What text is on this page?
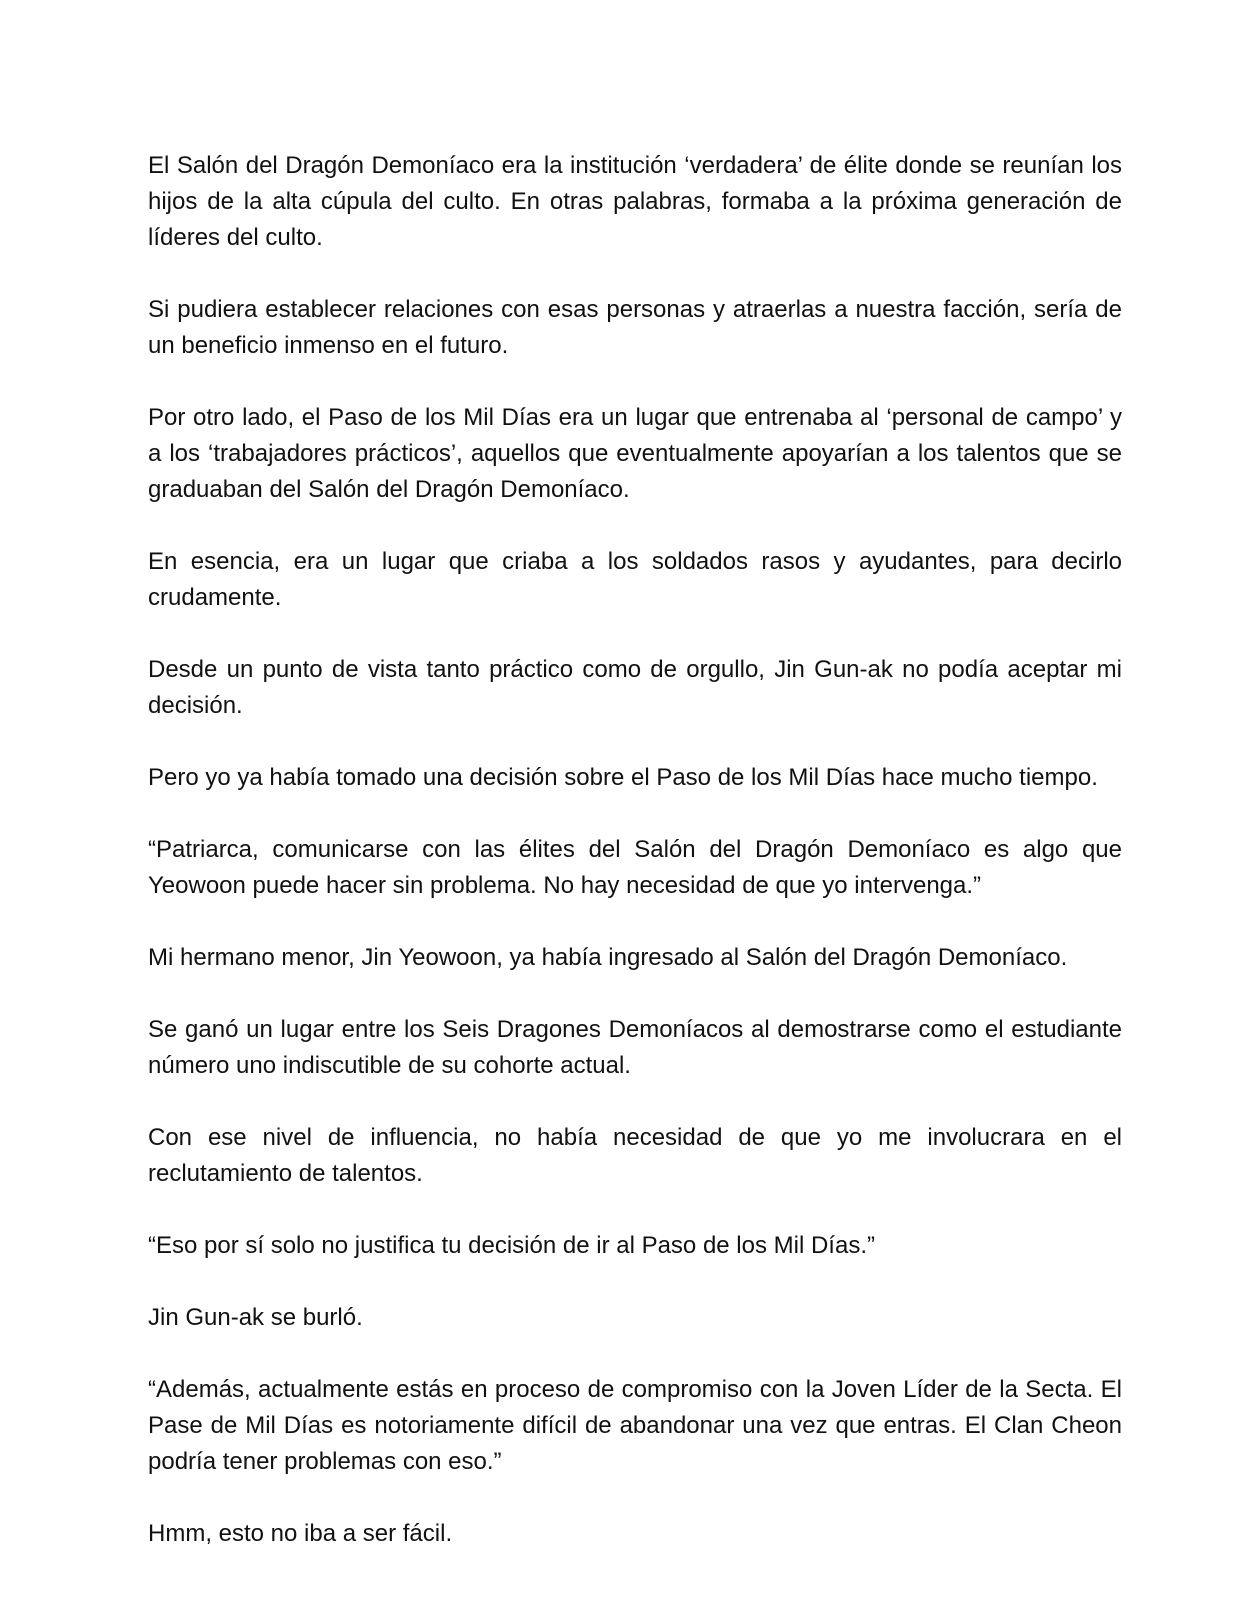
El Salón del Dragón Demoníaco era la institución ‘verdadera’ de élite donde se reunían los hijos de la alta cúpula del culto. En otras palabras, formaba a la próxima generación de líderes del culto.

Si pudiera establecer relaciones con esas personas y atraerlas a nuestra facción, sería de un beneficio inmenso en el futuro.

Por otro lado, el Paso de los Mil Días era un lugar que entrenaba al ‘personal de campo’ y a los ‘trabajadores prácticos’, aquellos que eventualmente apoyarían a los talentos que se graduaban del Salón del Dragón Demoníaco.

En esencia, era un lugar que criaba a los soldados rasos y ayudantes, para decirlo crudamente.

Desde un punto de vista tanto práctico como de orgullo, Jin Gun-ak no podía aceptar mi decisión.

Pero yo ya había tomado una decisión sobre el Paso de los Mil Días hace mucho tiempo.

“Patriarca, comunicarse con las élites del Salón del Dragón Demoníaco es algo que Yeowoon puede hacer sin problema. No hay necesidad de que yo intervenga.”

Mi hermano menor, Jin Yeowoon, ya había ingresado al Salón del Dragón Demoníaco.

Se ganó un lugar entre los Seis Dragones Demoníacos al demostrarse como el estudiante número uno indiscutible de su cohorte actual.

Con ese nivel de influencia, no había necesidad de que yo me involucrara en el reclutamiento de talentos.

“Eso por sí solo no justifica tu decisión de ir al Paso de los Mil Días.”

Jin Gun-ak se burló.

“Además, actualmente estás en proceso de compromiso con la Joven Líder de la Secta. El Pase de Mil Días es notoriamente difícil de abandonar una vez que entras. El Clan Cheon podría tener problemas con eso.”

Hmm, esto no iba a ser fácil.
